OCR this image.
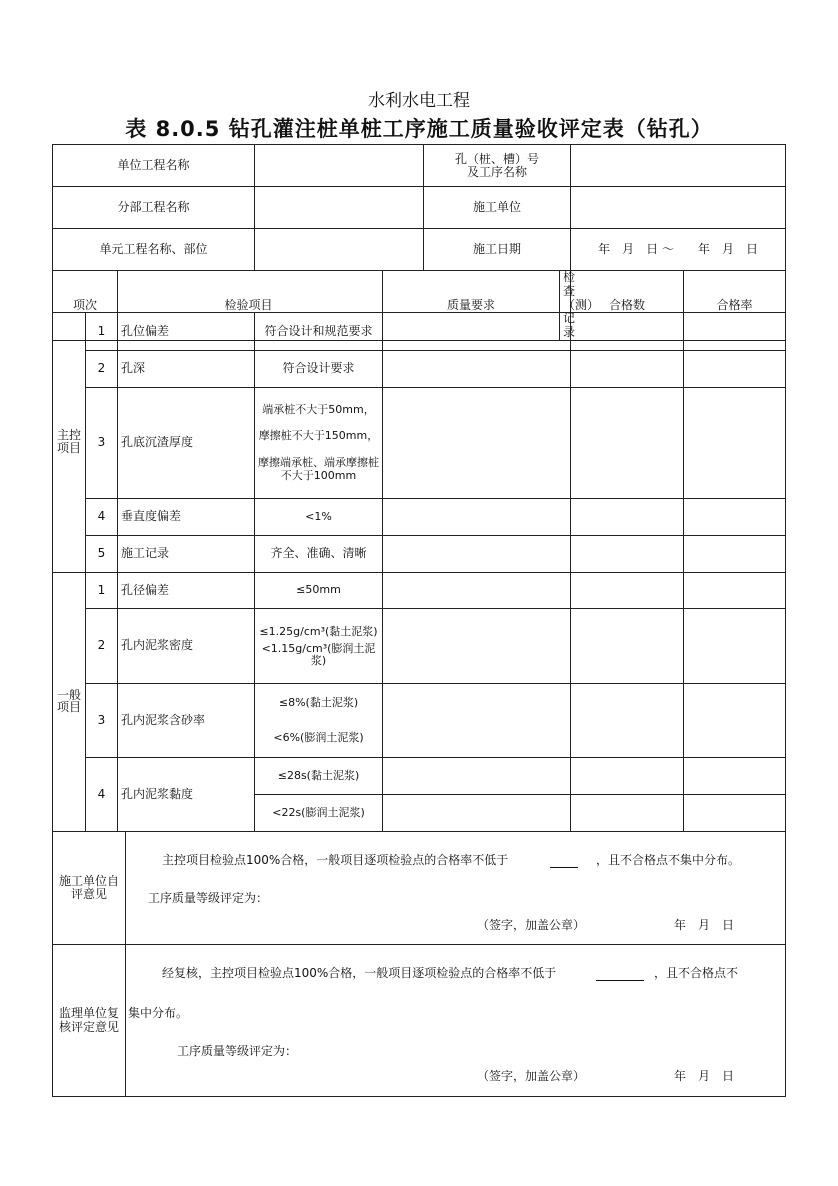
水利水电工程
表 8.0.5 钻孔灌注桩单桩工序施工质量验收评定表（钻孔）
单位工程名称				孔（桩、槽）号
及工序名称			
分部工程名称				施工单位			
单元工程名称、部位				施工日期		年　月　日 ～　　年　月　日	
项次	检验项目		质量要求		检查（测）记录	合格数	合格率
主控项目	1	孔位偏差	符合设计和规范要求			
	2	孔深	符合设计要求			
	3	孔底沉渣厚度	端承桩不大于50mm，
摩擦桩不大于150mm，
摩擦端承桩、端承摩擦桩不大于100mm			
	4	垂直度偏差	<1%			
	5	施工记录	齐全、准确、清晰			
一般项目	1	孔径偏差	≤50mm			
	2	孔内泥浆密度	≤1.25g/cm³(黏土泥浆)
<1.15g/cm³(膨润土泥浆)			
	3	孔内泥浆含砂率	≤8%(黏土泥浆)
<6%(膨润土泥浆)			
	4	孔内泥浆黏度	≤28s(黏土泥浆)			
			<22s(膨润土泥浆)			
施工单位自评意见	主控项目检验点100%合格，一般项目逐项检验点的合格率不低于 ，且不合格点不集中分布。
工序质量等级评定为：
（签字，加盖公章） 年　月　日

监理单位复核评定意见	经复核，主控项目检验点100%合格，一般项目逐项检验点的合格率不低于 ，且不合格点不
集中分布。
工序质量等级评定为：
（签字，加盖公章） 年　月　日
